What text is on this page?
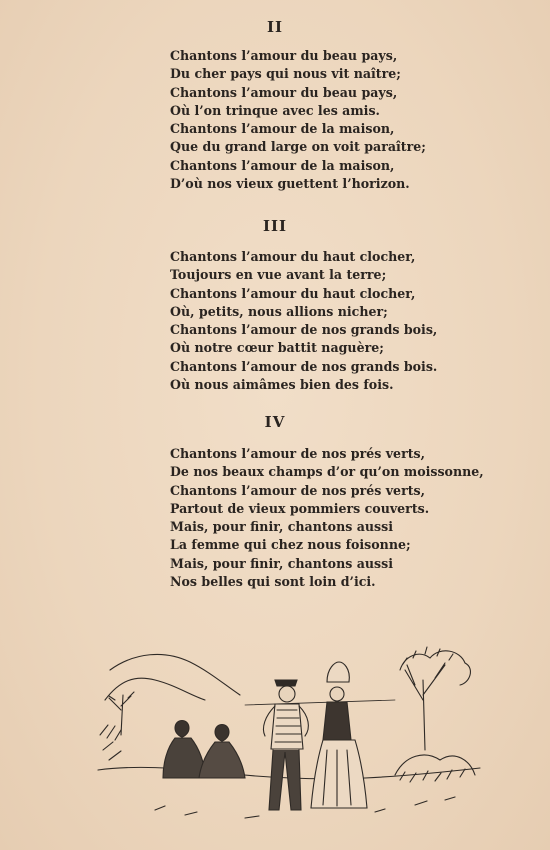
II
Chantons l’amour du beau pays,
Du cher pays qui nous vit naître;
Chantons l’amour du beau pays,
Où l’on trinque avec les amis.
Chantons l’amour de la maison,
Que du grand large on voit paraître;
Chantons l’amour de la maison,
D’où nos vieux guettent l’horizon.
III
Chantons l’amour du haut clocher,
Toujours en vue avant la terre;
Chantons l’amour du haut clocher,
Où, petits, nous allions nicher;
Chantons l’amour de nos grands bois,
Où notre cœur battit naguère;
Chantons l’amour de nos grands bois.
Où nous aimâmes bien des fois.
IV
Chantons l’amour de nos prés verts,
De nos beaux champs d’or qu’on moissonne,
Chantons l’amour de nos prés verts,
Partout de vieux pommiers couverts.
Mais, pour finir, chantons aussi
La femme qui chez nous foisonne;
Mais, pour finir, chantons aussi
Nos belles qui sont loin d’ici.
